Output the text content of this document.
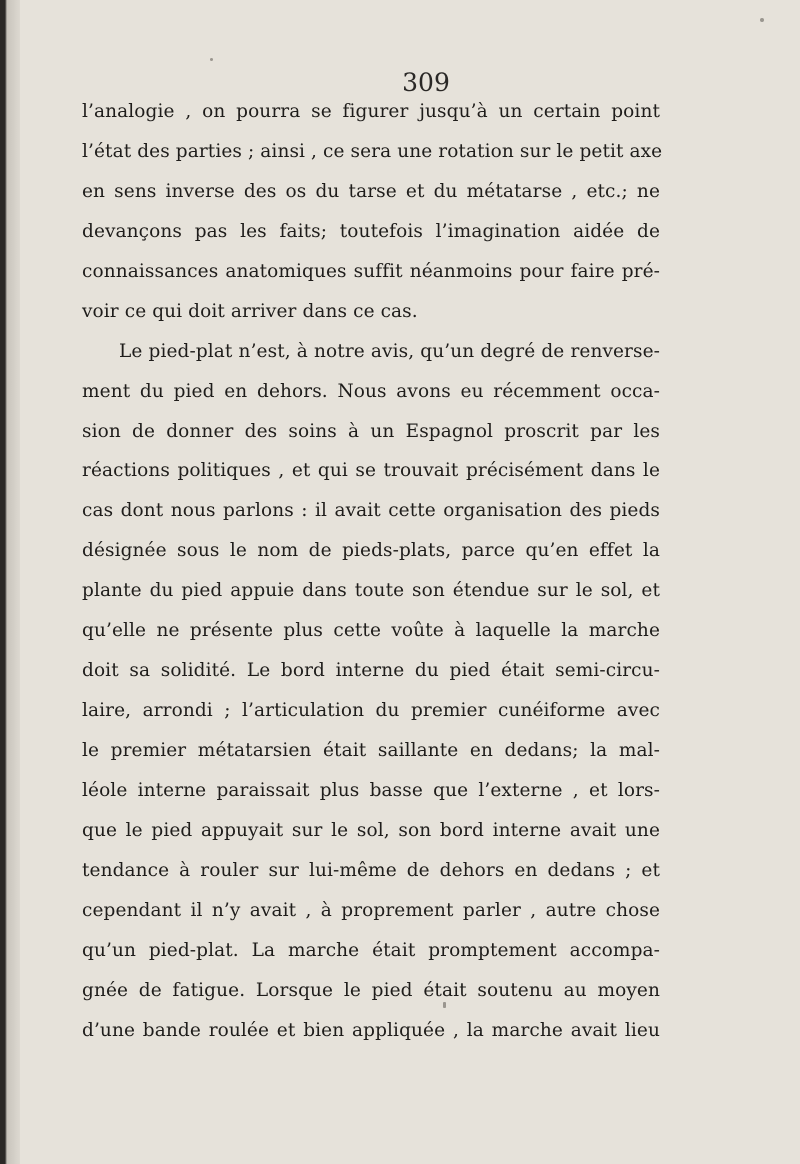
309
l’analogie , on pourra se figurer jusqu’à un certain point
l’état des parties ; ainsi , ce sera une rotation sur le petit axe
en sens inverse des os du tarse et du métatarse , etc.; ne
devançons pas les faits; toutefois l’imagination aidée de
connaissances anatomiques suffit néanmoins pour faire pré-
voir ce qui doit arriver dans ce cas.
Le pied-plat n’est, à notre avis, qu’un degré de renverse-
ment du pied en dehors. Nous avons eu récemment occa-
sion de donner des soins à un Espagnol proscrit par les
réactions politiques , et qui se trouvait précisément dans le
cas dont nous parlons : il avait cette organisation des pieds
désignée sous le nom de pieds-plats, parce qu’en effet la
plante du pied appuie dans toute son étendue sur le sol, et
qu’elle ne présente plus cette voûte à laquelle la marche
doit sa solidité. Le bord interne du pied était semi-circu-
laire, arrondi ; l’articulation du premier cunéiforme avec
le premier métatarsien était saillante en dedans; la mal-
léole interne paraissait plus basse que l’externe , et lors-
que le pied appuyait sur le sol, son bord interne avait une
tendance à rouler sur lui-même de dehors en dedans ; et
cependant il n’y avait , à proprement parler , autre chose
qu’un pied-plat. La marche était promptement accompa-
gnée de fatigue. Lorsque le pied était soutenu au moyen
d’une bande roulée et bien appliquée , la marche avait lieu
